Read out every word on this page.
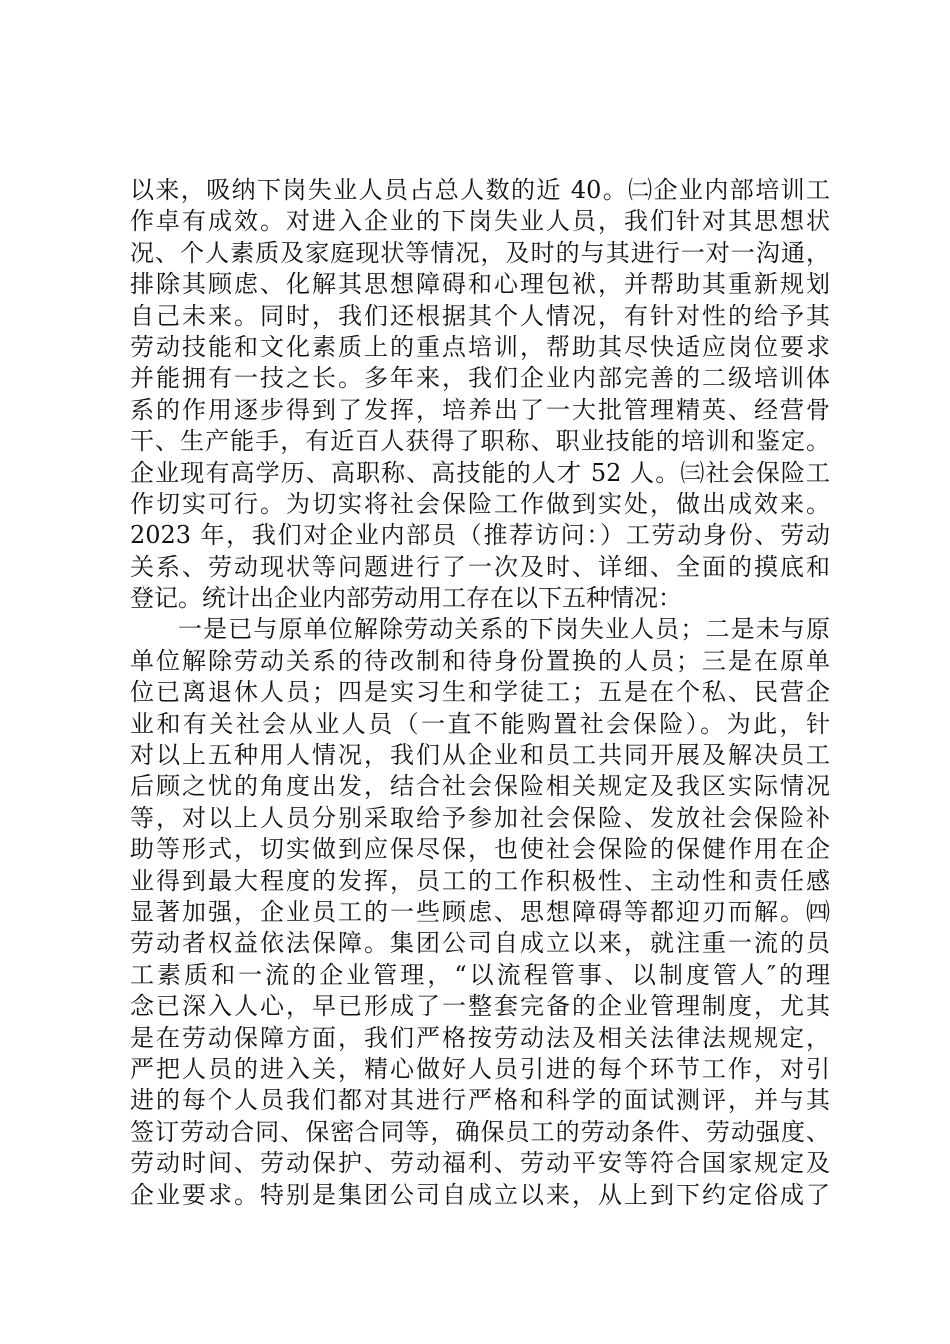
以来，吸纳下岗失业人员占总人数的近 40。㈡企业内部培训工
作卓有成效。对进入企业的下岗失业人员，我们针对其思想状
况、个人素质及家庭现状等情况，及时的与其进行一对一沟通，
排除其顾虑、化解其思想障碍和心理包袱，并帮助其重新规划
自己未来。同时，我们还根据其个人情况，有针对性的给予其
劳动技能和文化素质上的重点培训，帮助其尽快适应岗位要求
并能拥有一技之长。多年来，我们企业内部完善的二级培训体
系的作用逐步得到了发挥，培养出了一大批管理精英、经营骨
干、生产能手，有近百人获得了职称、职业技能的培训和鉴定。
企业现有高学历、高职称、高技能的人才 52 人。㈢社会保险工
作切实可行。为切实将社会保险工作做到实处，做出成效来。
2023 年，我们对企业内部员（推荐访问：）工劳动身份、劳动
关系、劳动现状等问题进行了一次及时、详细、全面的摸底和
登记。统计出企业内部劳动用工存在以下五种情况：
一是已与原单位解除劳动关系的下岗失业人员；二是未与原
单位解除劳动关系的待改制和待身份置换的人员；三是在原单
位已离退休人员；四是实习生和学徒工；五是在个私、民营企
业和有关社会从业人员（一直不能购置社会保险）。为此，针
对以上五种用人情况，我们从企业和员工共同开展及解决员工
后顾之忧的角度出发，结合社会保险相关规定及我区实际情况
等，对以上人员分别采取给予参加社会保险、发放社会保险补
助等形式，切实做到应保尽保，也使社会保险的保健作用在企
业得到最大程度的发挥，员工的工作积极性、主动性和责任感
显著加强，企业员工的一些顾虑、思想障碍等都迎刃而解。㈣
劳动者权益依法保障。集团公司自成立以来，就注重一流的员
工素质和一流的企业管理，“以流程管事、以制度管人″的理
念已深入人心，早已形成了一整套完备的企业管理制度，尤其
是在劳动保障方面，我们严格按劳动法及相关法律法规规定，
严把人员的进入关，精心做好人员引进的每个环节工作，对引
进的每个人员我们都对其进行严格和科学的面试测评，并与其
签订劳动合同、保密合同等，确保员工的劳动条件、劳动强度、
劳动时间、劳动保护、劳动福利、劳动平安等符合国家规定及
企业要求。特别是集团公司自成立以来，从上到下约定俗成了
